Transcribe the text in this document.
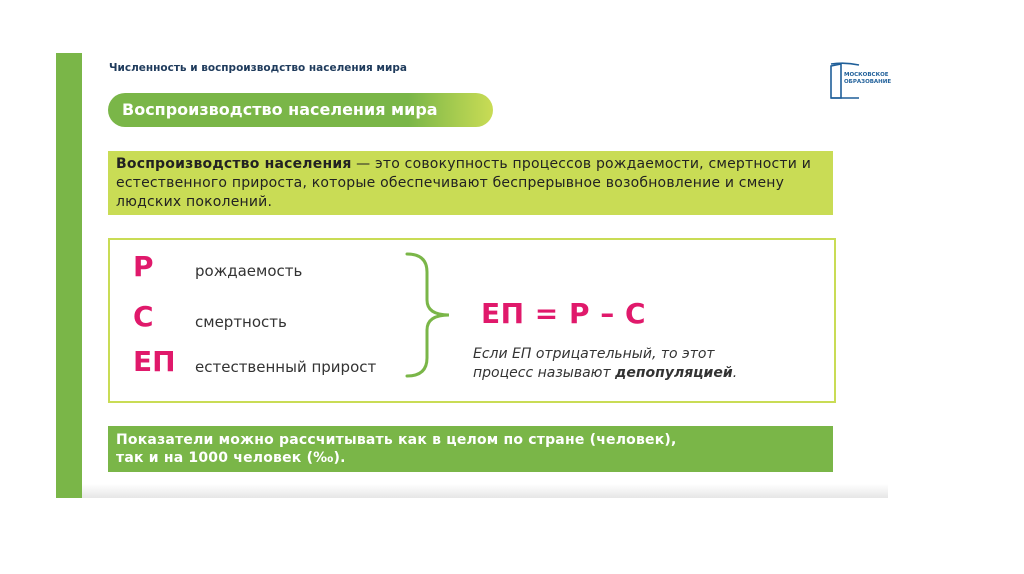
Численность и воспроизводство населения мира
МОСКОВСКОЕ
ОБРАЗОВАНИЕ
Воспроизводство населения мира
Воспроизводство населения — это совокупность процессов рождаемости, смертности и естественного прироста, которые обеспечивают беспрерывное возобновление и смену людских поколений.
Р	рождаемость
С	смертность
ЕП естественный прирост
ЕП = Р – С
Если ЕП отрицательный, то этот
процесс называют депопуляцией.
Показатели можно рассчитывать как в целом по стране (человек),
так и на 1000 человек (‰).
